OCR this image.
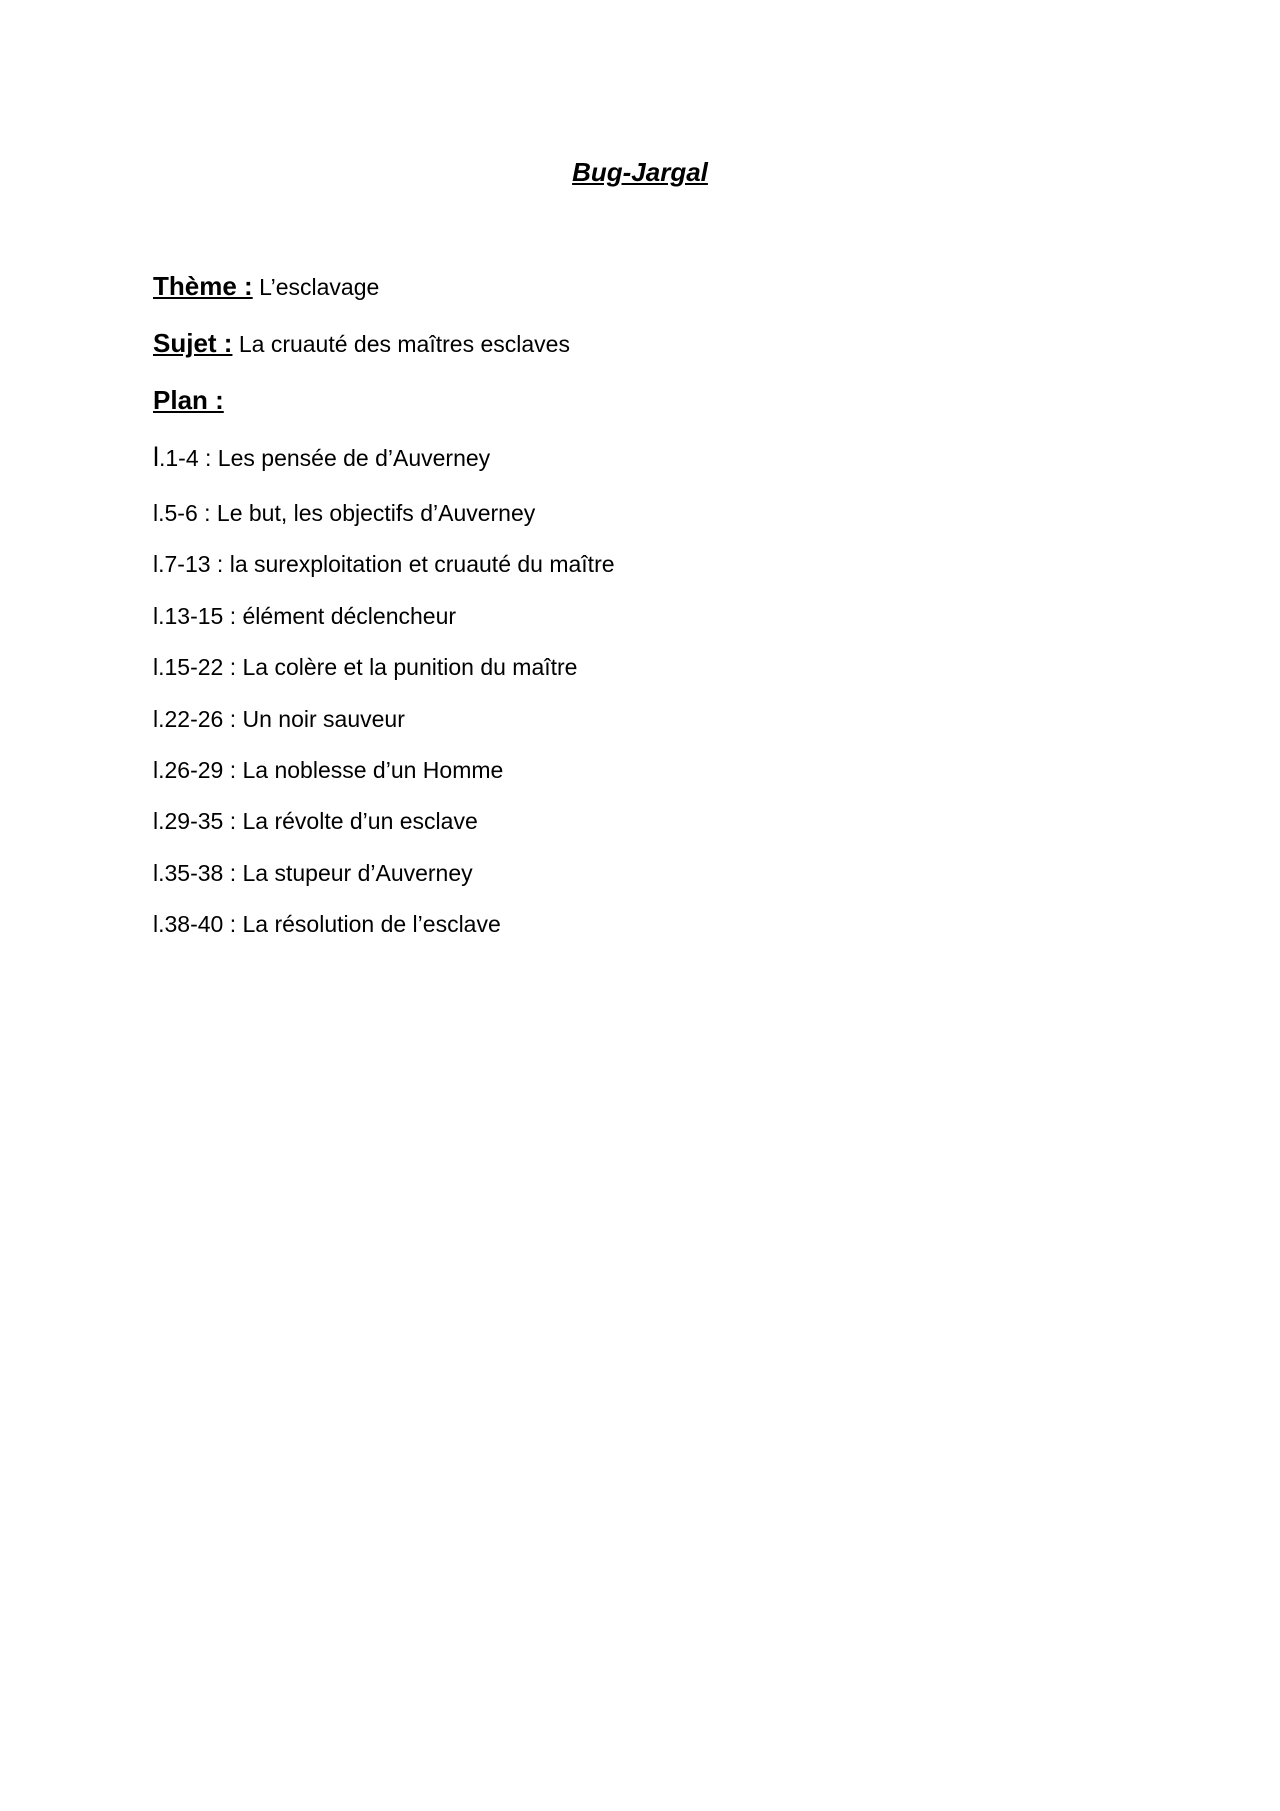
Bug-Jargal
Thème : L’esclavage
Sujet : La cruauté des maîtres esclaves
Plan :
l.1-4 : Les pensée de d’Auverney
l.5-6 : Le but, les objectifs d’Auverney
l.7-13 : la surexploitation et cruauté du maître
l.13-15 : élément déclencheur
l.15-22 : La colère et la punition du maître
l.22-26 : Un noir sauveur
l.26-29 : La noblesse d’un Homme
l.29-35 : La révolte d’un esclave
l.35-38 : La stupeur d’Auverney
l.38-40 : La résolution de l’esclave
